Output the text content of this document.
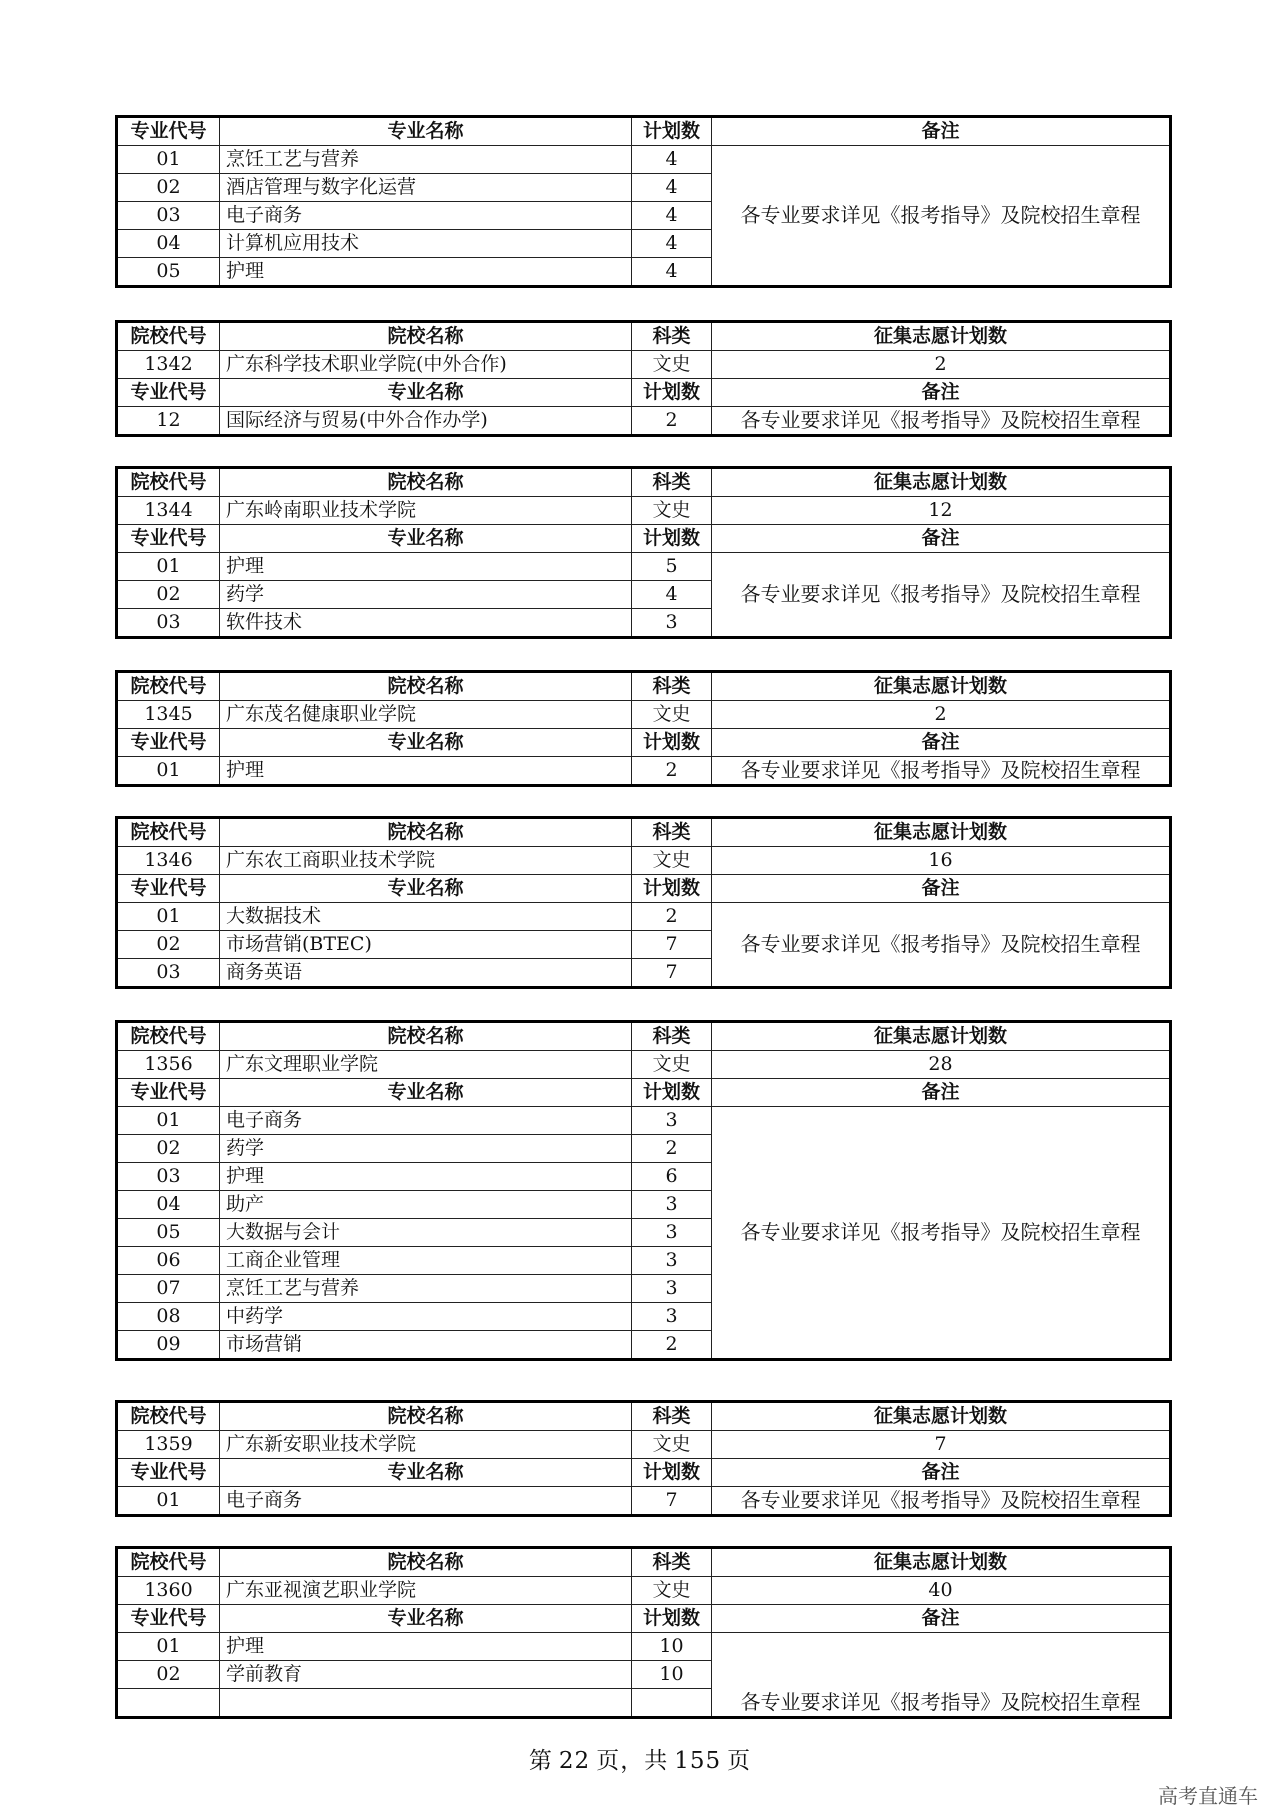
专业代号	专业名称	计划数	备注
01	烹饪工艺与营养	4	各专业要求详见《报考指导》及院校招生章程
02	酒店管理与数字化运营	4	
03	电子商务	4	
04	计算机应用技术	4	
05	护理	4	
院校代号	院校名称	科类	征集志愿计划数
1342	广东科学技术职业学院(中外合作)	文史	2
专业代号	专业名称	计划数	备注
12	国际经济与贸易(中外合作办学)	2	各专业要求详见《报考指导》及院校招生章程
院校代号	院校名称	科类	征集志愿计划数
1344	广东岭南职业技术学院	文史	12
专业代号	专业名称	计划数	备注
01	护理	5	各专业要求详见《报考指导》及院校招生章程
02	药学	4	
03	软件技术	3	
院校代号	院校名称	科类	征集志愿计划数
1345	广东茂名健康职业学院	文史	2
专业代号	专业名称	计划数	备注
01	护理	2	各专业要求详见《报考指导》及院校招生章程
院校代号	院校名称	科类	征集志愿计划数
1346	广东农工商职业技术学院	文史	16
专业代号	专业名称	计划数	备注
01	大数据技术	2	各专业要求详见《报考指导》及院校招生章程
02	市场营销(BTEC)	7	
03	商务英语	7	
院校代号	院校名称	科类	征集志愿计划数
1356	广东文理职业学院	文史	28
专业代号	专业名称	计划数	备注
01	电子商务	3	各专业要求详见《报考指导》及院校招生章程
02	药学	2	
03	护理	6	
04	助产	3	
05	大数据与会计	3	
06	工商企业管理	3	
07	烹饪工艺与营养	3	
08	中药学	3	
09	市场营销	2	
院校代号	院校名称	科类	征集志愿计划数
1359	广东新安职业技术学院	文史	7
专业代号	专业名称	计划数	备注
01	电子商务	7	各专业要求详见《报考指导》及院校招生章程
院校代号	院校名称	科类	征集志愿计划数
1360	广东亚视演艺职业学院	文史	40
专业代号	专业名称	计划数	备注
01	护理	10	各专业要求详见《报考指导》及院校招生章程
02	学前教育	10	

第 22 页，共 155 页
高考直通车
